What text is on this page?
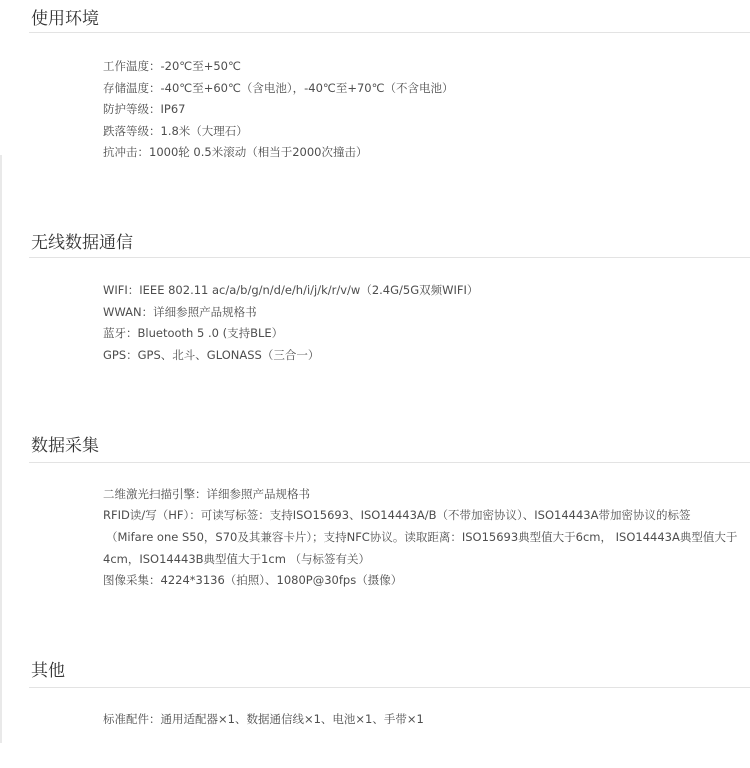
使用环境
工作温度：-20℃至+50℃
存储温度：-40℃至+60℃（含电池），-40℃至+70℃（不含电池）
防护等级：IP67
跌落等级：1.8米（大理石）
抗冲击：1000轮 0.5米滚动（相当于2000次撞击）
无线数据通信
WIFI：IEEE 802.11 ac/a/b/g/n/d/e/h/i/j/k/r/v/w（2.4G/5G双频WIFI）
WWAN：详细参照产品规格书
蓝牙：Bluetooth 5 .0 (支持BLE）
GPS：GPS、北斗、GLONASS（三合一）
数据采集
二维激光扫描引擎：详细参照产品规格书
RFID读/写（HF）：可读写标签：支持ISO15693、ISO14443A/B（不带加密协议）、ISO14443A带加密协议的标签
（Mifare one S50，S70及其兼容卡片）；支持NFC协议。读取距离：ISO15693典型值大于6cm， ISO14443A典型值大于
4cm，ISO14443B典型值大于1cm （与标签有关）
图像采集：4224*3136（拍照）、1080P@30fps（摄像）
其他
标准配件：通用适配器×1、数据通信线×1、电池×1、手带×1
